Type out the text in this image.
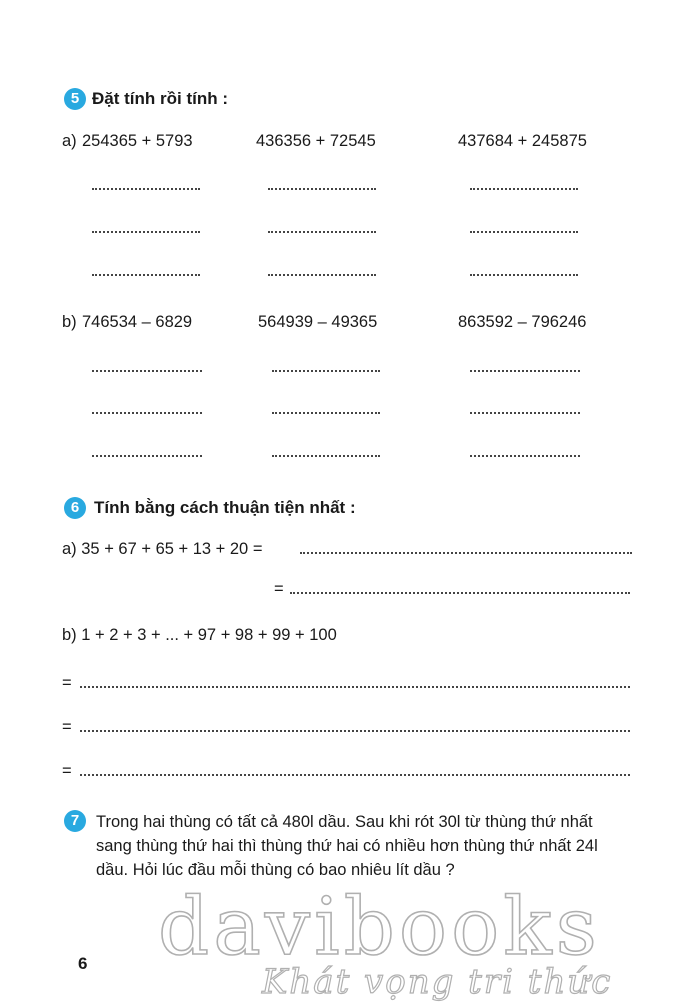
5 Đặt tính rồi tính :
a) 254365 + 5793	436356 + 72545	437684 + 245875
b) 746534 – 6829	564939 – 49365	863592 – 796246
6 Tính bằng cách thuận tiện nhất :
a) 35 + 67 + 65 + 13 + 20 =
=
b) 1 + 2 + 3 + ... + 97 + 98 + 99 + 100
=
=
=
7	Trong hai thùng có tất cả 480l dầu. Sau khi rót 30l từ thùng thứ nhất
sang thùng thứ hai thì thùng thứ hai có nhiều hơn thùng thứ nhất 24l
dầu. Hỏi lúc đầu mỗi thùng có bao nhiêu lít dầu ?
davibooks
Khát vọng tri thức
6
